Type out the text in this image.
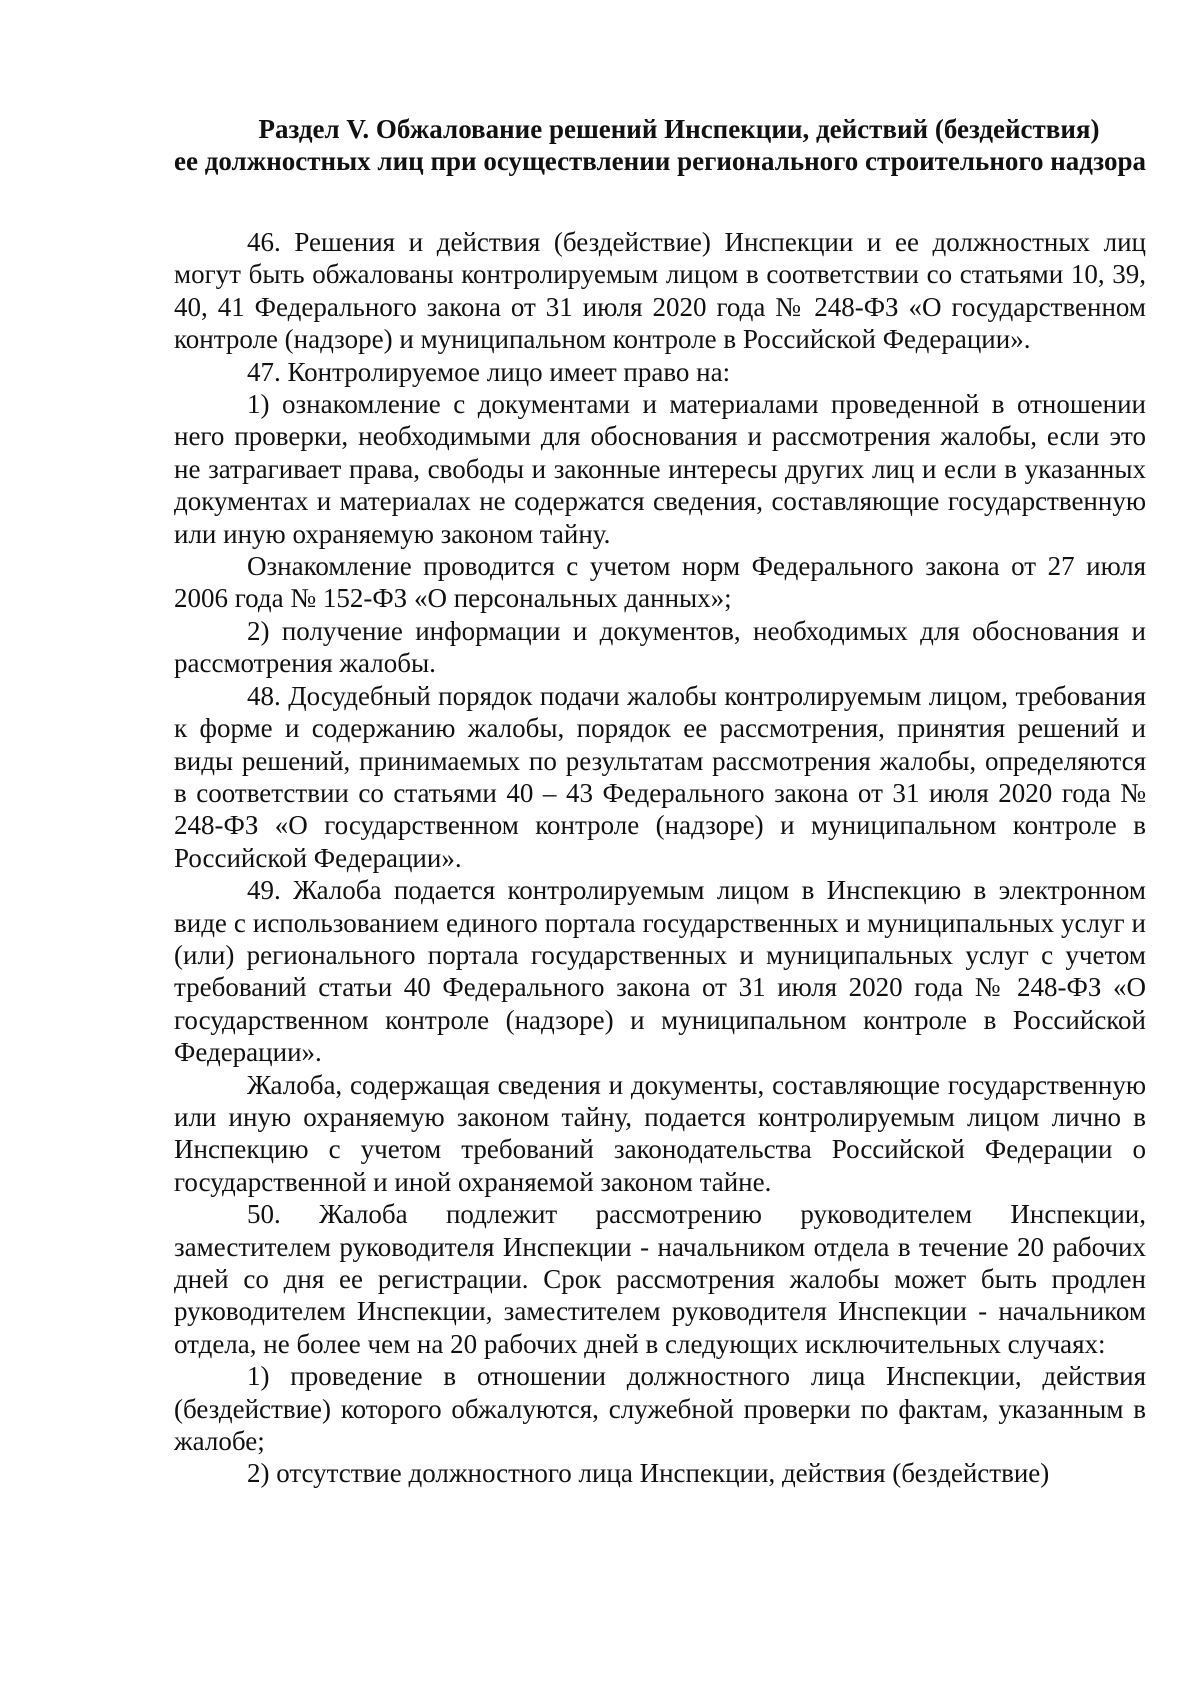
Раздел V. Обжалование решений Инспекции, действий (бездействия)
ее должностных лиц при осуществлении регионального строительного надзора

46. Решения и действия (бездействие) Инспекции и ее должностных лиц могут быть обжалованы контролируемым лицом в соответствии со статьями 10, 39, 40, 41 Федерального закона от 31 июля 2020 года № 248-ФЗ «О государственном контроле (надзоре) и муниципальном контроле в Российской Федерации».

47. Контролируемое лицо имеет право на:

1) ознакомление с документами и материалами проведенной в отношении него проверки, необходимыми для обоснования и рассмотрения жалобы, если это не затрагивает права, свободы и законные интересы других лиц и если в указанных документах и материалах не содержатся сведения, составляющие государственную или иную охраняемую законом тайну.

Ознакомление проводится с учетом норм Федерального закона от 27 июля 2006 года № 152-ФЗ «О персональных данных»;

2) получение информации и документов, необходимых для обоснования и рассмотрения жалобы.

48. Досудебный порядок подачи жалобы контролируемым лицом, требования к форме и содержанию жалобы, порядок ее рассмотрения, принятия решений и виды решений, принимаемых по результатам рассмотрения жалобы, определяются в соответствии со статьями 40 – 43 Федерального закона от 31 июля 2020 года № 248-ФЗ «О государственном контроле (надзоре) и муниципальном контроле в Российской Федерации».

49. Жалоба подается контролируемым лицом в Инспекцию в электронном виде с использованием единого портала государственных и муниципальных услуг и (или) регионального портала государственных и муниципальных услуг с учетом требований статьи 40 Федерального закона от 31 июля 2020 года № 248-ФЗ «О государственном контроле (надзоре) и муниципальном контроле в Российской Федерации».

Жалоба, содержащая сведения и документы, составляющие государственную или иную охраняемую законом тайну, подается контролируемым лицом лично в Инспекцию с учетом требований законодательства Российской Федерации о государственной и иной охраняемой законом тайне.

50. Жалоба подлежит рассмотрению руководителем Инспекции, заместителем руководителя Инспекции - начальником отдела в течение 20 рабочих дней со дня ее регистрации. Срок рассмотрения жалобы может быть продлен руководителем Инспекции, заместителем руководителя Инспекции - начальником отдела, не более чем на 20 рабочих дней в следующих исключительных случаях:

1) проведение в отношении должностного лица Инспекции, действия (бездействие) которого обжалуются, служебной проверки по фактам, указанным в жалобе;

2) отсутствие должностного лица Инспекции, действия (бездействие)
